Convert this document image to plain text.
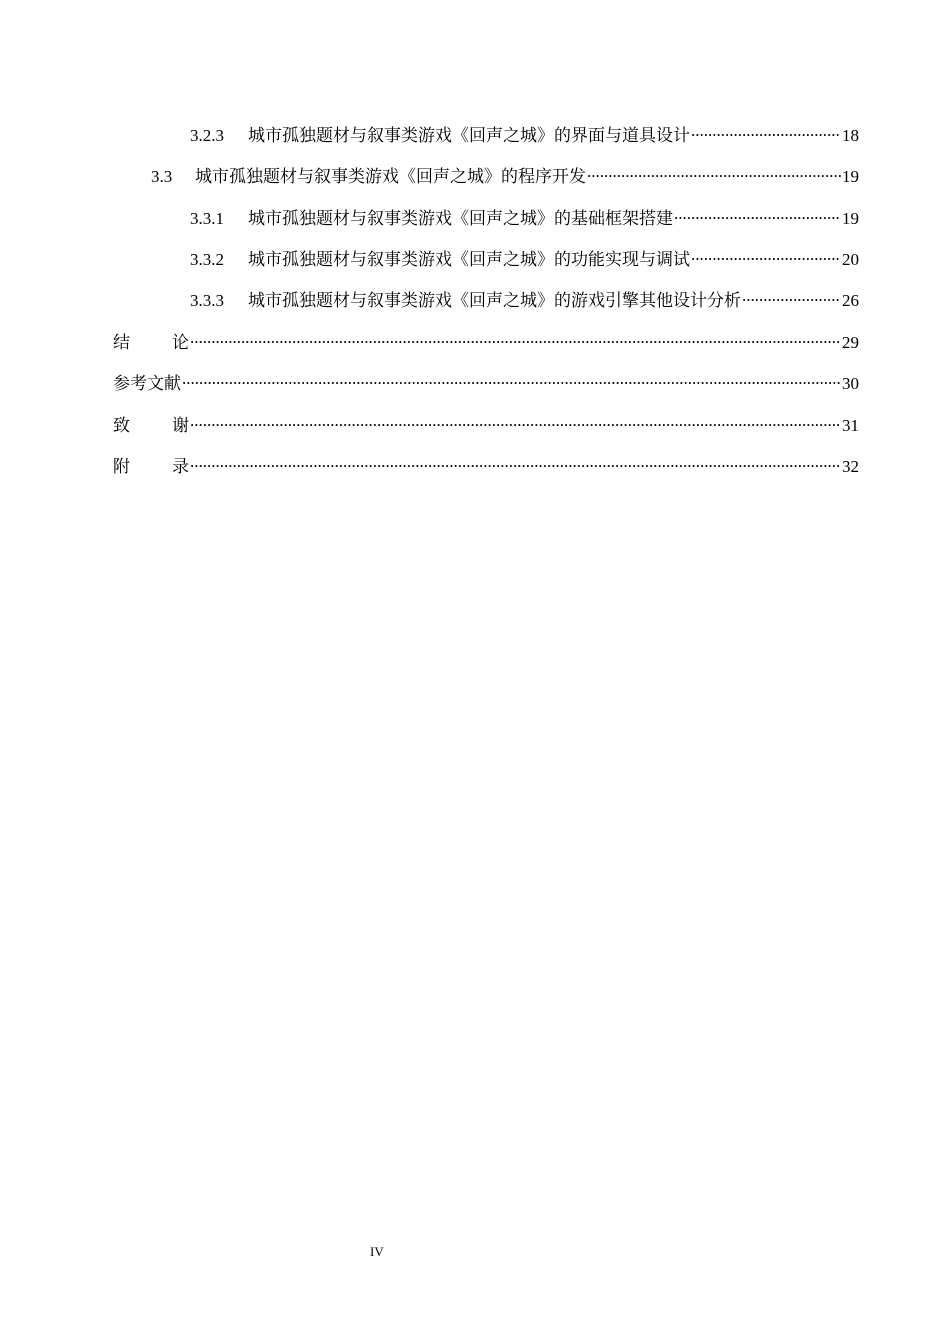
3.2.3	城市孤独题材与叙事类游戏《回声之城》的界面与道具设计 .....	18
3.3	城市孤独题材与叙事类游戏《回声之城》的程序开发 .....	19
3.3.1	城市孤独题材与叙事类游戏《回声之城》的基础框架搭建 .....	19
3.3.2	城市孤独题材与叙事类游戏《回声之城》的功能实现与调试 .....	20
3.3.3	城市孤独题材与叙事类游戏《回声之城》的游戏引擎其他设计分析 .....	26
结 论 .....	29
参考文献 .....	30
致 谢 .....	31
附 录 .....	32
IV
